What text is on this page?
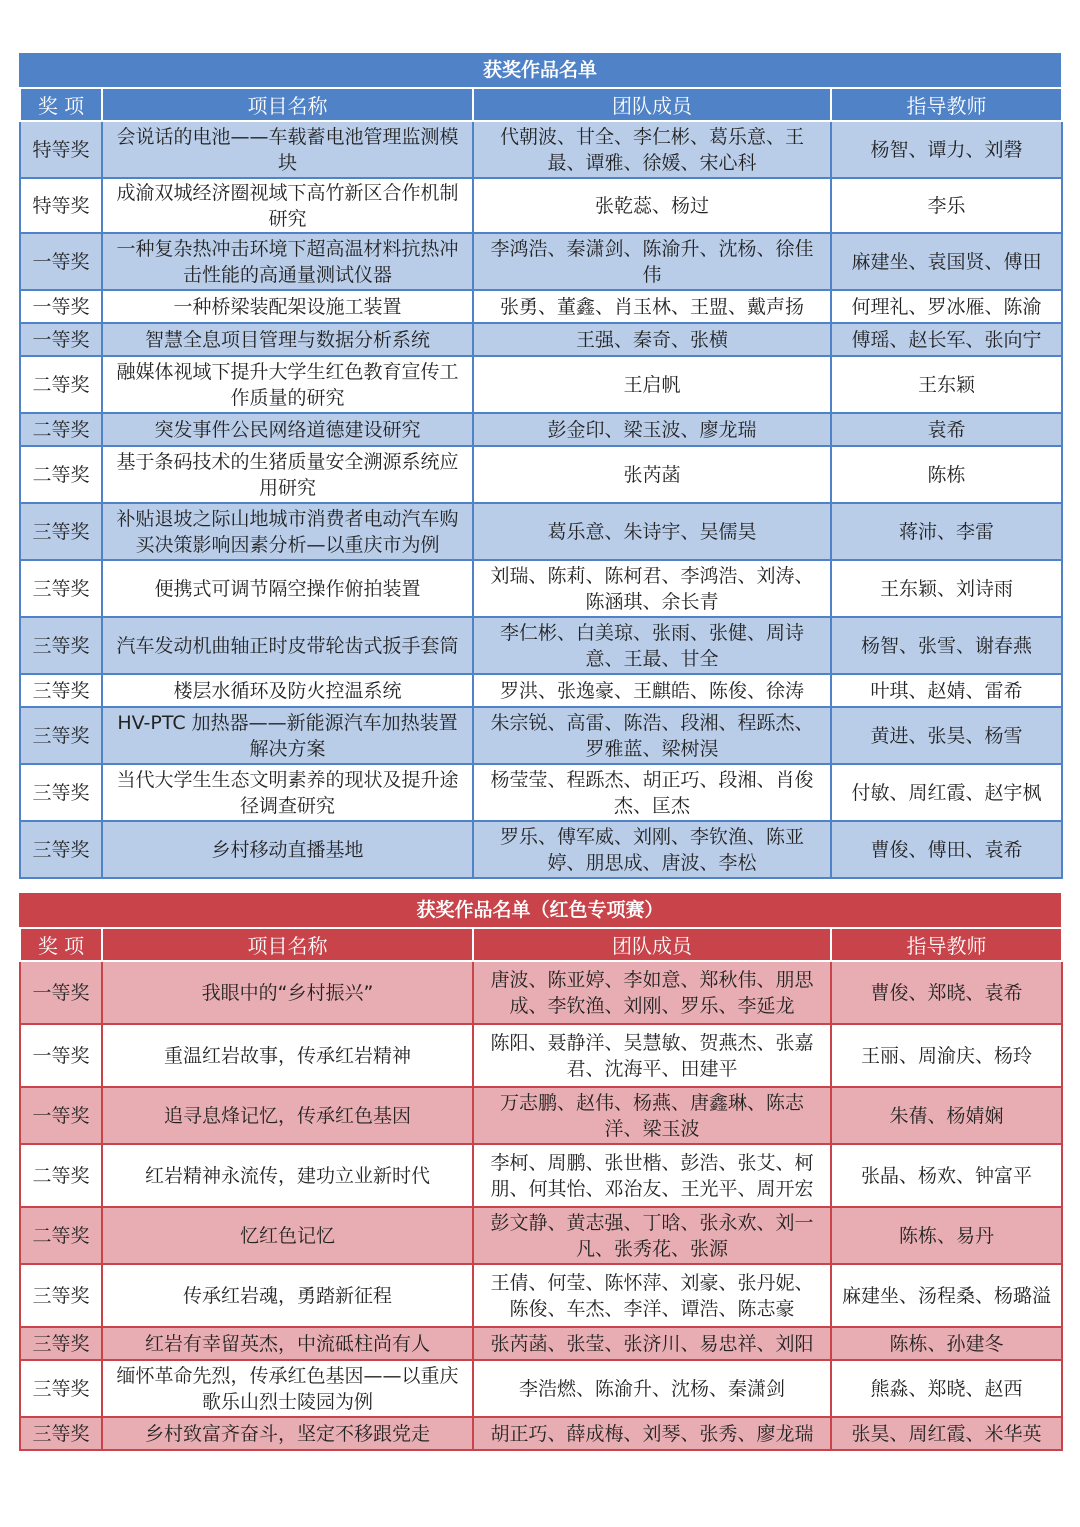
获奖作品名单
奖 项	项目名称	团队成员	指导教师
特等奖	会说话的电池——车载蓄电池管理监测模块	代朝波、甘全、李仁彬、葛乐意、王最、谭雅、徐媛、宋心科	杨智、谭力、刘磬
特等奖	成渝双城经济圈视域下高竹新区合作机制研究	张乾蕊、杨过	李乐
一等奖	一种复杂热冲击环境下超高温材料抗热冲击性能的高通量测试仪器	李鸿浩、秦潇剑、陈渝升、沈杨、徐佳伟	麻建坐、袁国贤、傅田
一等奖	一种桥梁装配架设施工装置	张勇、董鑫、肖玉林、王盟、戴声扬	何理礼、罗冰雁、陈渝
一等奖	智慧全息项目管理与数据分析系统	王强、秦奇、张横	傅瑶、赵长军、张向宁
二等奖	融媒体视域下提升大学生红色教育宣传工作质量的研究	王启帆	王东颖
二等奖	突发事件公民网络道德建设研究	彭金印、梁玉波、廖龙瑞	袁希
二等奖	基于条码技术的生猪质量安全溯源系统应用研究	张芮菡	陈栋
三等奖	补贴退坡之际山地城市消费者电动汽车购买决策影响因素分析—以重庆市为例	葛乐意、朱诗宇、吴儒昊	蒋沛、李雷
三等奖	便携式可调节隔空操作俯拍装置	刘瑞、陈莉、陈柯君、李鸿浩、刘涛、陈涵琪、余长青	王东颖、刘诗雨
三等奖	汽车发动机曲轴正时皮带轮齿式扳手套筒	李仁彬、白美琼、张雨、张健、周诗意、王最、甘全	杨智、张雪、谢春燕
三等奖	楼层水循环及防火控温系统	罗洪、张逸豪、王麒皓、陈俊、徐涛	叶琪、赵婧、雷希
三等奖	HV-PTC 加热器——新能源汽车加热装置解决方案	朱宗锐、高雷、陈浩、段湘、程跞杰、罗雅蓝、梁树淏	黄进、张昊、杨雪
三等奖	当代大学生生态文明素养的现状及提升途径调查研究	杨莹莹、程跞杰、胡正巧、段湘、肖俊杰、匡杰	付敏、周红霞、赵宇枫
三等奖	乡村移动直播基地	罗乐、傅军威、刘刚、李钦渔、陈亚婷、朋思成、唐波、李松	曹俊、傅田、袁希
获奖作品名单（红色专项赛）
奖 项	项目名称	团队成员	指导教师
一等奖	我眼中的“乡村振兴”	唐波、陈亚婷、李如意、郑秋伟、朋思成、李钦渔、刘刚、罗乐、李延龙	曹俊、郑晓、袁希
一等奖	重温红岩故事，传承红岩精神	陈阳、聂静洋、吴慧敏、贺燕杰、张嘉君、沈海平、田建平	王丽、周渝庆、杨玲
一等奖	追寻息烽记忆，传承红色基因	万志鹏、赵伟、杨燕、唐鑫琳、陈志洋、梁玉波	朱蒨、杨婧娴
二等奖	红岩精神永流传，建功立业新时代	李柯、周鹏、张世楷、彭浩、张艾、柯朋、何其怡、邓治友、王光平、周开宏	张晶、杨欢、钟富平
二等奖	忆红色记忆	彭文静、黄志强、丁晗、张永欢、刘一凡、张秀花、张源	陈栋、易丹
三等奖	传承红岩魂，勇踏新征程	王倩、何莹、陈怀萍、刘豪、张丹妮、陈俊、车杰、李洋、谭浩、陈志豪	麻建坐、汤程桑、杨璐溢
三等奖	红岩有幸留英杰，中流砥柱尚有人	张芮菡、张莹、张济川、易忠祥、刘阳	陈栋、孙建冬
三等奖	缅怀革命先烈，传承红色基因——以重庆歌乐山烈士陵园为例	李浩燃、陈渝升、沈杨、秦潇剑	熊淼、郑晓、赵西
三等奖	乡村致富齐奋斗，坚定不移跟党走	胡正巧、薛成梅、刘琴、张秀、廖龙瑞	张昊、周红霞、米华英
